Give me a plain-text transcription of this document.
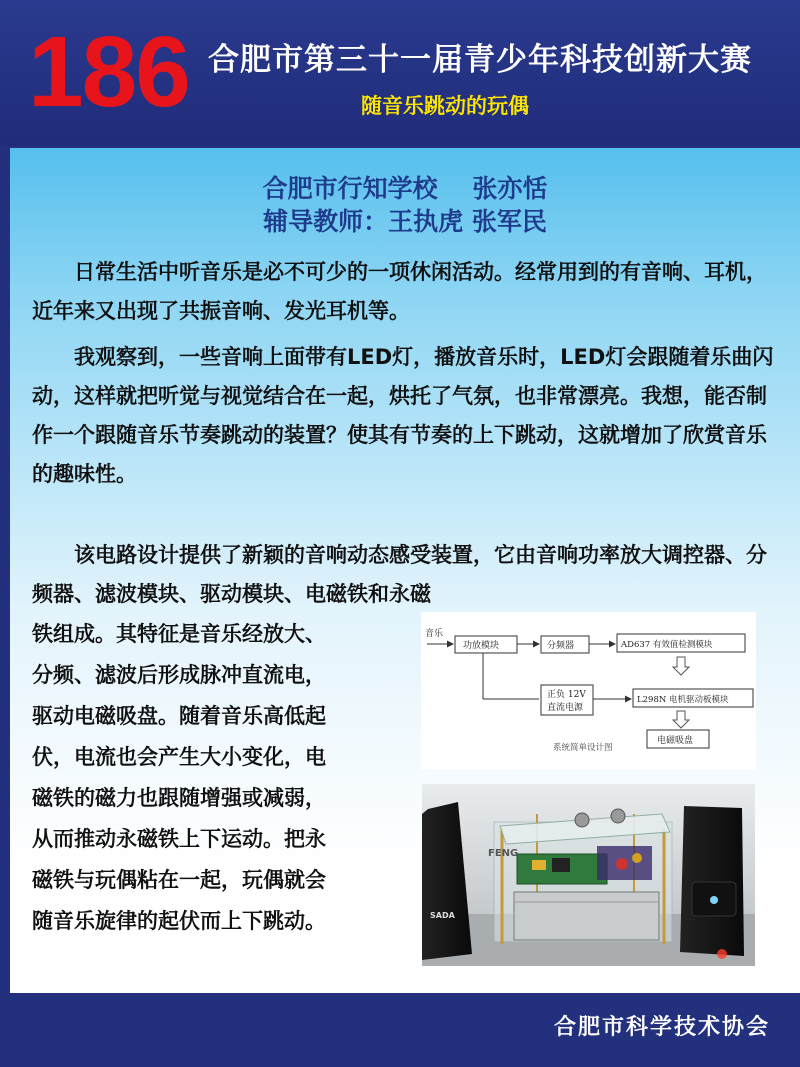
186 合肥市第三十一届青少年科技创新大赛
随音乐跳动的玩偶
合肥市行知学校    张亦恬
辅导教师：王执虎 张军民

日常生活中听音乐是必不可少的一项休闲活动。经常用到的有音响、耳机，近年来又出现了共振音响、发光耳机等。

我观察到，一些音响上面带有LED灯，播放音乐时，LED灯会跟随着乐曲闪动，这样就把听觉与视觉结合在一起，烘托了气氛，也非常漂亮。我想，能否制作一个跟随音乐节奏跳动的装置？使其有节奏的上下跳动，这就增加了欣赏音乐的趣味性。

该电路设计提供了新颖的音响动态感受装置，它由音响功率放大调控器、分频器、滤波模块、驱动模块、电磁铁和永磁

铁组成。其特征是音乐经放大、
分频、滤波后形成脉冲直流电，
驱动电磁吸盘。随着音乐高低起
伏，电流也会产生大小变化，电
磁铁的磁力也跟随增强或减弱，
从而推动永磁铁上下运动。把永
磁铁与玩偶粘在一起，玩偶就会
随音乐旋律的起伏而上下跳动。
音乐
功放模块	分频器	AD637 有效值检测模块
正负 12V
直流电源
L298N 电机驱动板模块
电磁吸盘
系统简单设计图
FENG
SADA
合肥市科学技术协会
